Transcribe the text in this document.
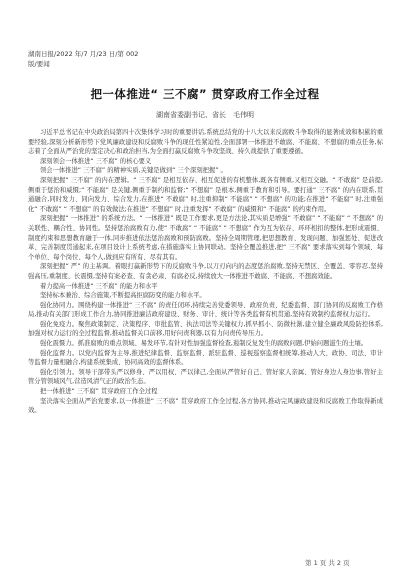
湖南日报/2022 年/7 月/23 日/第 002
版/要闻
把一体推进“ 三不腐” 贯穿政府工作全过程
湖南省委副书记、省长　毛伟明

习近平总书记在中央政治局第四十次集体学习时的重要讲话,系统总结党的十八大以来反腐败斗争取得的显著成效和积累的重要经验,深刻分析新形势下党风廉政建设和反腐败斗争的现任性紧迫性,全面部署一体推进不敢腐、不能腐、不想腐的重点任务,标志着了全面从严治党的坚定决心和政治担当,为全面打赢反腐败斗争攻坚战、持久战提供了重要遵循。

深刻领会一体推进“ 三不腐” 的核心要义

领会一体推进“ 三不腐” 的精神实质,关键是做到“ 三个深刻把握” 。

深刻把握“ 三不腐” 的内在逻辑。“ 三不腐” 是相互依存、相互促进的有机整体,既各有侧重,又相互交融。“ 不敢腐” 是前提,侧重于惩治和威慑;“ 不能腐” 是关键,侧重于制约和监督;“ 不想腐” 是根本,侧重于教育和引导。要打通“ 三不腐” 的内在联系,贯通融合,同时发力、同向发力、综合发力,在推进“ 不敢腐” 时,注重抑制“ 不能腐” “ 不想腐” 的功能;在推进“ 不能腐” 时,注重强化“ 不敢腐” “ 不想腐” 的有效做法;在推进“ 不想腐” 时,注重发挥“ 不敢腐” 的威慑和“ 不能腐” 的约束作用。

深刻把握“ 一体推进” 的系统方法。“ 一体推进” 既是工作要求,更是方法论,其实质是增强“ 不敢腐” “ 不能腐” “ 不想腐” 的关联性、耦合性、协同性。坚持惩治腐败有力,使“ 不敢腐” “ 不能腐” “ 不想腐” 作为互为依存、环环相扣的整体,把形成震慑、制度约束和思想教育融于一体,同步推进依法惩治腐败和预防腐败。坚持全周期管理,把思想教育、发现问题、加强惩处、促进改革、完善制度贯通起来,在项目设计上系统考虑,在措施落实上协同联动。坚持全覆盖推进,把“ 三不腐” 要求落实到每个领域、每个单位、每个岗位、每个人,做到应有所有、尽有其有。

深刻把握“ 严” 的主基调。着眼打赢新形势下的反腐败斗争,以刀刃向内的态度惩治腐败,坚持无禁区、全覆盖、零容忍,坚持强高压,重制度、长震慑,坚持有案必查、有贪必肃、有腐必反,持续放大一体推进不敢腐、不能腐、不想腐效能。

着力提高一体推进“ 三不腐” 的能力和水平

坚持标本兼治、综合施策,不断提高拒腐防变的能力和水平。

强化协同力。围绕构建一体推进“ 三不腐” 的责任闭环,持续完善党委领导、政府负责、纪委监督、部门协同的反腐败工作格局,推动有关部门形成工作合力,协同推进廉洁政府建设、财务、审计、统计等各类监督有机贯通,坚持有效制约监督权力运行。

强化免疫力。聚焦政策制定、决策程序、审批监管、执法司法等关键权力,抓早抓小、防微杜渐,建立健全廉政风险防控体系,加强对权力运行的全过程监督,推动监督关口前移,用好问责利器,以有力问责传导压力。

强化震慑力。抓准腐败的重点领域、易发环节,有针对性加强监督检查,遏制反复发生的腐败问题,伊始问题滋生的土壤。

强化监督力。以党内监督为主导,推进纪律监督、监察监督、派驻监督、巡视巡察监督相统筹,推动人大、政协、司法、审计等监督力量相融合,构建系统集成、协同高效的监督体系。

强化引领力。领导干部带头严以修身、严以用权、严以律己,全面从严管好自己、管好家人亲属、管好身边人身边事,管好主管分管领域风气,营造风清气正的政治生态。

把一体推进“ 三不腐” 贯穿政府工作全过程

坚决落实全面从严治党要求,以一体推进“ 三不腐” 贯穿政府工作全过程,各方协同,推动完风廉政建设和反腐败工作取得新成效。

第 1 页 共 2 页
